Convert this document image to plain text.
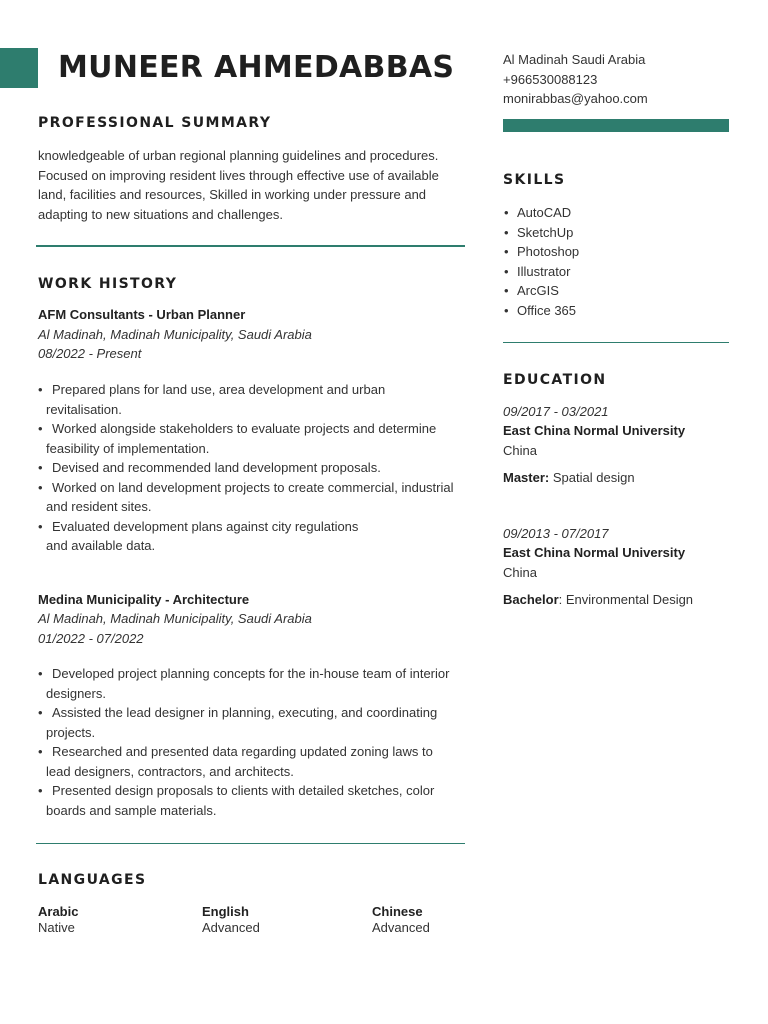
MUNEER AHMEDABBAS	Al Madinah Saudi Arabia
+966530088123
monirabbas@yahoo.com
PROFESSIONAL SUMMARY

knowledgeable of urban regional planning guidelines and procedures. Focused on improving resident lives through effective use of available land, facilities and resources, Skilled in working under pressure and adapting to new situations and challenges.

WORK HISTORY
AFM Consultants - Urban Planner
Al Madinah, Madinah Municipality, Saudi Arabia
08/2022 - Present
• Prepared plans for land use, area development and urban revitalisation.
• Worked alongside stakeholders to evaluate projects and determine feasibility of implementation.
• Devised and recommended land development proposals.
• Worked on land development projects to create commercial, industrial and resident sites.
• Evaluated development plans against city regulations and available data.
Medina Municipality - Architecture
Al Madinah, Madinah Municipality, Saudi Arabia
01/2022 - 07/2022
• Developed project planning concepts for the in-house team of interior designers.
• Assisted the lead designer in planning, executing, and coordinating projects.
• Researched and presented data regarding updated zoning laws to lead designers, contractors, and architects.
• Presented design proposals to clients with detailed sketches, color boards and sample materials.
LANGUAGES
Arabic
Native
English
Advanced
Chinese
Advanced
SKILLS
• AutoCAD
• SketchUp
• Photoshop
• Illustrator
• ArcGIS
• Office 365
EDUCATION
09/2017 - 03/2021
East China Normal University
China
Master: Spatial design
09/2013 - 07/2017
East China Normal University
China
Bachelor: Environmental Design
